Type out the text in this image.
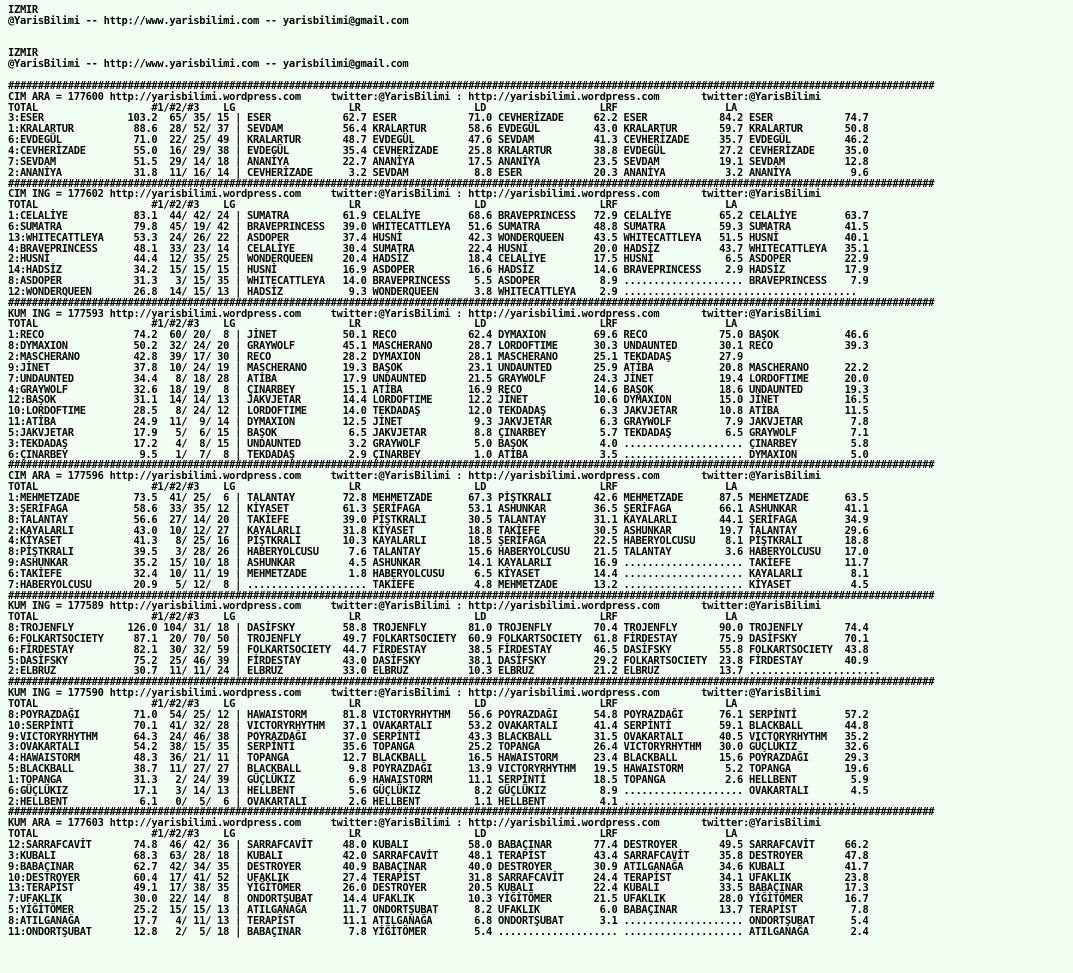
IZMIR
@YarisBilimi -- http://www.yarisbilimi.com -- yarisbilimi@gmail.com
IZMIR
@YarisBilimi -- http://www.yarisbilimi.com -- yarisbilimi@gmail.com
###########################################################################################################################################################
CIM ARA = 177600 http://yarisbilimi.wordpress.com     twitter:@YarisBilimi : http://yarisbilimi.wordpress.com       twitter:@YarisBilimi
TOTAL                   #1/#2/#3    LG                   LR                   LD                   LRF                  LA
3:ESER              103.2  65/ 35/ 15 | ESER            62.7 ESER            71.0 CEVHERİZADE     62.2 ESER            84.2 ESER            74.7
1:KRALARTUR          88.6  28/ 52/ 37 | SEVDAM          56.4 KRALARTUR       58.6 EVDEGÜL         43.0 KRALARTUR       59.7 KRALARTUR       50.8
6:EVDEGÜL            71.0  22/ 25/ 49 | KRALARTUR       48.7 EVDEGÜL         47.6 SEVDAM          41.3 CEVHERİZADE     35.7 EVDEGÜL         46.2
4:CEVHERİZADE        55.0  16/ 29/ 38 | EVDEGÜL         35.4 CEVHERİZADE     25.8 KRALARTUR       38.8 EVDEGÜL         27.2 CEVHERİZADE     35.0
7:SEVDAM             51.5  29/ 14/ 18 | ANANİYA         22.7 ANANİYA         17.5 ANANİYA         23.5 SEVDAM          19.1 SEVDAM          12.8
2:ANANİYA            31.8  11/ 16/ 14 | CEVHERİZADE      3.2 SEVDAM           8.8 ESER            20.3 ANANİYA          3.2 ANANİYA          9.6
###########################################################################################################################################################
CIM ING = 177602 http://yarisbilimi.wordpress.com     twitter:@YarisBilimi : http://yarisbilimi.wordpress.com       twitter:@YarisBilimi
TOTAL                   #1/#2/#3    LG                   LR                   LD                   LRF                  LA
1:CELALİYE           83.1  44/ 42/ 24 | SUMATRA         61.9 CELALİYE        68.6 BRAVEPRINCESS   72.9 CELALİYE        65.2 CELALİYE        63.7
6:SUMATRA            79.8  45/ 19/ 42 | BRAVEPRINCESS   39.0 WHITECATTLEYA   51.6 SUMATRA         48.8 SUMATRA         59.3 SUMATRA         41.5
13:WHITECATTLEYA     53.3  24/ 26/ 22 | ASDOPER         37.4 HUSNİ           42.3 WONDERQUEEN     43.5 WHITECATTLEYA   51.5 HUSNİ           40.1
4:BRAVEPRINCESS      48.1  33/ 23/ 14 | CELALİYE        30.4 SUMATRA         22.4 HUSNİ           20.0 HADSİZ          43.7 WHITECATTLEYA   35.1
2:HUSNİ              44.4  12/ 35/ 25 | WONDERQUEEN     20.4 HADSİZ          18.4 CELALİYE        17.5 HUSNİ            6.5 ASDOPER         22.9
14:HADSİZ            34.2  15/ 15/ 15 | HUSNİ           16.9 ASDOPER         16.6 HADSİZ          14.6 BRAVEPRINCESS    2.9 HADSİZ          17.9
8:ASDOPER            31.3   3/ 15/ 35 | WHITECATTLEYA   14.0 BRAVEPRINCESS    5.5 ASDOPER          8.9 .................... BRAVEPRINCESS    7.9
12:WONDERQUEEN       26.8  14/ 15/ 13 | HADSİZ           9.3 WONDERQUEEN      3.8 WHITECATTLEYA    2.9 .......................................
###########################################################################################################################################################
KUM ING = 177593 http://yarisbilimi.wordpress.com     twitter:@YarisBilimi : http://yarisbilimi.wordpress.com       twitter:@YarisBilimi
TOTAL                   #1/#2/#3    LG                   LR                   LD                   LRF                  LA
1:RECO               74.2  60/ 20/  8 | JİNET           50.1 RECO            62.4 DYMAXION        69.6 RECO            75.0 BAŞOK           46.6
8:DYMAXION           50.2  32/ 24/ 20 | GRAYWOLF        45.1 MASCHERANO      28.7 LORDOFTIME      30.3 UNDAUNTED       30.1 RECO            39.3
2:MASCHERANO         42.8  39/ 17/ 30 | RECO            28.2 DYMAXION        28.1 MASCHERANO      25.1 TEKDADAŞ        27.9
9:JİNET              37.8  10/ 24/ 19 | MASCHERANO      19.3 BAŞOK           23.1 UNDAUNTED       25.9 ATİBA           20.8 MASCHERANO      22.2
7:UNDAUNTED          34.4   8/ 18/ 28 | ATİBA           17.9 UNDAUNTED       21.5 GRAYWOLF        24.3 JİNET           19.4 LORDOFTIME      20.0
4:GRAYWOLF           32.6  18/ 19/  8 | ÇINARBEY        15.1 ATİBA           16.9 RECO            14.6 BAŞOK           18.6 UNDAUNTED       19.3
12:BAŞOK             31.1  14/ 14/ 13 | JAKVJETAR       14.4 LORDOFTIME      12.2 JİNET           10.6 DYMAXION        15.0 JİNET           16.5
10:LORDOFTIME        28.5   8/ 24/ 12 | LORDOFTIME      14.0 TEKDADAŞ        12.0 TEKDADAŞ         6.3 JAKVJETAR       10.8 ATİBA           11.5
11:ATİBA             24.9  11/  9/ 14 | DYMAXION        12.5 JİNET            9.3 JAKVJETAR        6.3 GRAYWOLF         7.9 JAKVJETAR        7.8
5:JAKVJETAR          17.9   5/  6/ 15 | BAŞOK            6.5 JAKVJETAR        8.8 ÇINARBEY         5.7 TEKDADAŞ         6.5 GRAYWOLF         7.1
3:TEKDADAŞ           17.2   4/  8/ 15 | UNDAUNTED        3.2 GRAYWOLF         5.0 BAŞOK            4.0 .................... ÇINARBEY         5.8
6:ÇINARBEY            9.5   1/  7/  8 | TEKDADAŞ         2.9 ÇINARBEY         1.0 ATİBA            3.5 .................... DYMAXION         5.0
###########################################################################################################################################################
CIM ARA = 177596 http://yarisbilimi.wordpress.com     twitter:@YarisBilimi : http://yarisbilimi.wordpress.com       twitter:@YarisBilimi
TOTAL                   #1/#2/#3    LG                   LR                   LD                   LRF                  LA
1:MEHMETZADE         73.5  41/ 25/  6 | TALANTAY        72.8 MEHMETZADE      67.3 PİŞTKRALI       42.6 MEHMETZADE      87.5 MEHMETZADE      63.5
3:ŞERİFAGA           58.6  33/ 35/ 12 | KİYASET         61.3 ŞERİFAGA        53.1 ASHUNKAR        36.5 ŞERİFAGA        66.1 ASHUNKAR        41.1
8:TALANTAY           56.6  27/ 14/ 20 | TAKİEFE         39.0 PİŞTKRALI       30.5 TALANTAY        31.1 KAYALARLI       44.1 ŞERİFAGA        34.9
2:KAYALARLI          43.0  10/ 12/ 27 | KAYALARLI       31.8 KİYASET         18.8 TAKİEFE         30.5 ASHUNKAR        19.7 TALANTAY        29.6
4:KİYASET            41.3   8/ 25/ 16 | PİŞTKRALI       10.3 KAYALARLI       18.5 ŞERİFAGA        22.5 HABERYOLCUSU     8.1 PİŞTKRALI       18.8
8:PİŞTKRALI          39.5   3/ 28/ 26 | HABERYOLCUSU     7.6 TALANTAY        15.6 HABERYOLCUSU    21.5 TALANTAY         3.6 HABERYOLCUSU    17.0
9:ASHUNKAR           35.2  15/ 10/ 18 | ASHUNKAR         4.5 ASHUNKAR        14.1 KAYALARLI       16.9 .................... TAKİEFE         11.7
6:TAKİEFE            32.4  10/ 11/ 19 | MEHMETZADE       1.8 HABERYOLCUSU     6.5 KİYASET         14.4 .................... KAYALARLI        8.1
7:HABERYOLCUSU       20.9   5/ 12/  8 | .................... TAKİEFE          4.8 MEHMETZADE      13.2 .................... KİYASET          4.5
###########################################################################################################################################################
KUM ING = 177589 http://yarisbilimi.wordpress.com     twitter:@YarisBilimi : http://yarisbilimi.wordpress.com       twitter:@YarisBilimi
TOTAL                   #1/#2/#3    LG                   LR                   LD                   LRF                  LA
8:TROJENFLY         126.0 104/ 31/ 18 | DASİFSKY        58.8 TROJENFLY       81.0 TROJENFLY       70.4 TROJENFLY       90.0 TROJENFLY       74.4
6:FOLKARTSOCIETY     87.1  20/ 70/ 50 | TROJENFLY       49.7 FOLKARTSOCIETY  60.9 FOLKARTSOCIETY  61.8 FİRDESTAY       75.9 DASİFSKY        70.1
6:FİRDESTAY          82.1  30/ 32/ 59 | FOLKARTSOCIETY  44.7 FİRDESTAY       38.5 FİRDESTAY       46.5 DASİFSKY        55.8 FOLKARTSOCIETY  43.8
5:DASİFSKY           75.2  25/ 46/ 39 | FİRDESTAY       43.0 DASİFSKY        38.1 DASİFSKY        29.2 FOLKARTSOCIETY  23.8 FİRDESTAY       40.9
2:ELBRUZ             30.7  11/ 11/ 24 | ELBRUZ          33.0 ELBRUZ          10.3 ELBRUZ          21.2 ELBRUZ          13.7 ......................
###########################################################################################################################################################
KUM ING = 177590 http://yarisbilimi.wordpress.com     twitter:@YarisBilimi : http://yarisbilimi.wordpress.com       twitter:@YarisBilimi
TOTAL                   #1/#2/#3    LG                   LR                   LD                   LRF                  LA
8:POYRAZDAĞI         71.0  54/ 25/ 12 | HAWAISTORM      81.8 VICTORYRHYTHM   56.6 POYRAZDAĞI      54.8 POYRAZDAĞI      76.1 SERPİNTİ        57.2
10:SERPİNTİ          70.1  41/ 32/ 28 | VICTORYRHYTHM   37.1 OVAKARTALI      53.2 OVAKARTALI      41.4 SERPİNTİ        59.1 BLACKBALL       44.8
9:VICTORYRHYTHM      64.3  24/ 46/ 38 | POYRAZDAĞI      37.0 SERPİNTİ        43.3 BLACKBALL       31.5 OVAKARTALI      40.5 VICTORYRHYTHM   35.2
3:OVAKARTALI         54.2  38/ 15/ 35 | SERPİNTİ        35.6 TOPANGA         25.2 TOPANGA         26.4 VICTORYRHYTHM   30.0 GÜÇLÜKIZ        32.6
4:HAWAISTORM         48.3  36/ 21/ 11 | TOPANGA         12.7 BLACKBALL       16.5 HAWAISTORM      23.4 BLACKBALL       15.6 POYRAZDAĞI      29.3
5:BLACKBALL          38.7  11/ 27/ 27 | BLACKBALL        9.8 POYRAZDAĞI      13.9 VICTORYRHYTHM   19.5 HAWAISTORM       5.2 TOPANGA         19.6
1:TOPANGA            31.3   2/ 24/ 39 | GÜÇLÜKIZ         6.9 HAWAISTORM      11.1 SERPİNTİ        18.5 TOPANGA          2.6 HELLBENT         5.9
6:GÜÇLÜKIZ           17.1   3/ 14/ 13 | HELLBENT         5.6 GÜÇLÜKIZ         8.2 GÜÇLÜKIZ         8.9 .................... OVAKARTALI       4.5
2:HELLBENT            6.1   0/  5/  6 | OVAKARTALI       2.6 HELLBENT         1.1 HELLBENT         4.1 .......................................
###########################################################################################################################################################
KUM ARA = 177603 http://yarisbilimi.wordpress.com     twitter:@YarisBilimi : http://yarisbilimi.wordpress.com       twitter:@YarisBilimi
TOTAL                   #1/#2/#3    LG                   LR                   LD                   LRF                  LA
12:SARRAFCAVİT       74.8  46/ 42/ 36 | SARRAFCAVİT     48.0 KUBALI          58.0 BABAÇINAR       77.4 DESTROYER       49.5 SARRAFCAVİT     66.2
3:KUBALI             68.3  63/ 28/ 18 | KUBALI          42.0 SARRAFCAVİT     48.1 TERAPİST        43.4 SARRAFCAVİT     35.8 DESTROYER       47.8
9:BABAÇINAR          62.7  42/ 34/ 35 | DESTROYER       40.9 BABAÇINAR       40.0 DESTROYER       30.9 ATILGANAĞA      34.6 KUBALI          41.7
10:DESTROYER         60.4  17/ 41/ 52 | UFAKLIK         27.4 TERAPİST        31.8 SARRAFCAVİT     24.4 TERAPİST        34.1 UFAKLIK         23.8
13:TERAPİST          49.1  17/ 38/ 35 | YİĞİTÖMER       26.0 DESTROYER       20.5 KUBALI          22.4 KUBALI          33.5 BABAÇINAR       17.3
7:UFAKLIK            30.0  22/ 14/  8 | ONDORTŞUBAT     14.4 UFAKLIK         10.3 YİĞİTÖMER       21.5 UFAKLIK         28.0 YİĞİTÖMER       16.7
5:YİĞİTÖMER          25.2  15/ 15/ 13 | ATILGANAĞA      11.7 ONDORTŞUBAT      8.2 UFAKLIK          6.0 BABAÇINAR       13.7 TERAPİST         7.8
8:ATILGANAĞA         17.7   4/ 11/ 13 | TERAPİST        11.1 ATILGANAĞA       6.8 ONDORTŞUBAT      3.1 .................... ONDORTŞUBAT      5.4
11:ONDORTŞUBAT       12.8   2/  5/ 18 | BABAÇINAR        7.8 YİĞİTÖMER        5.4 .................... .................... ATILGANAĞA       2.4
